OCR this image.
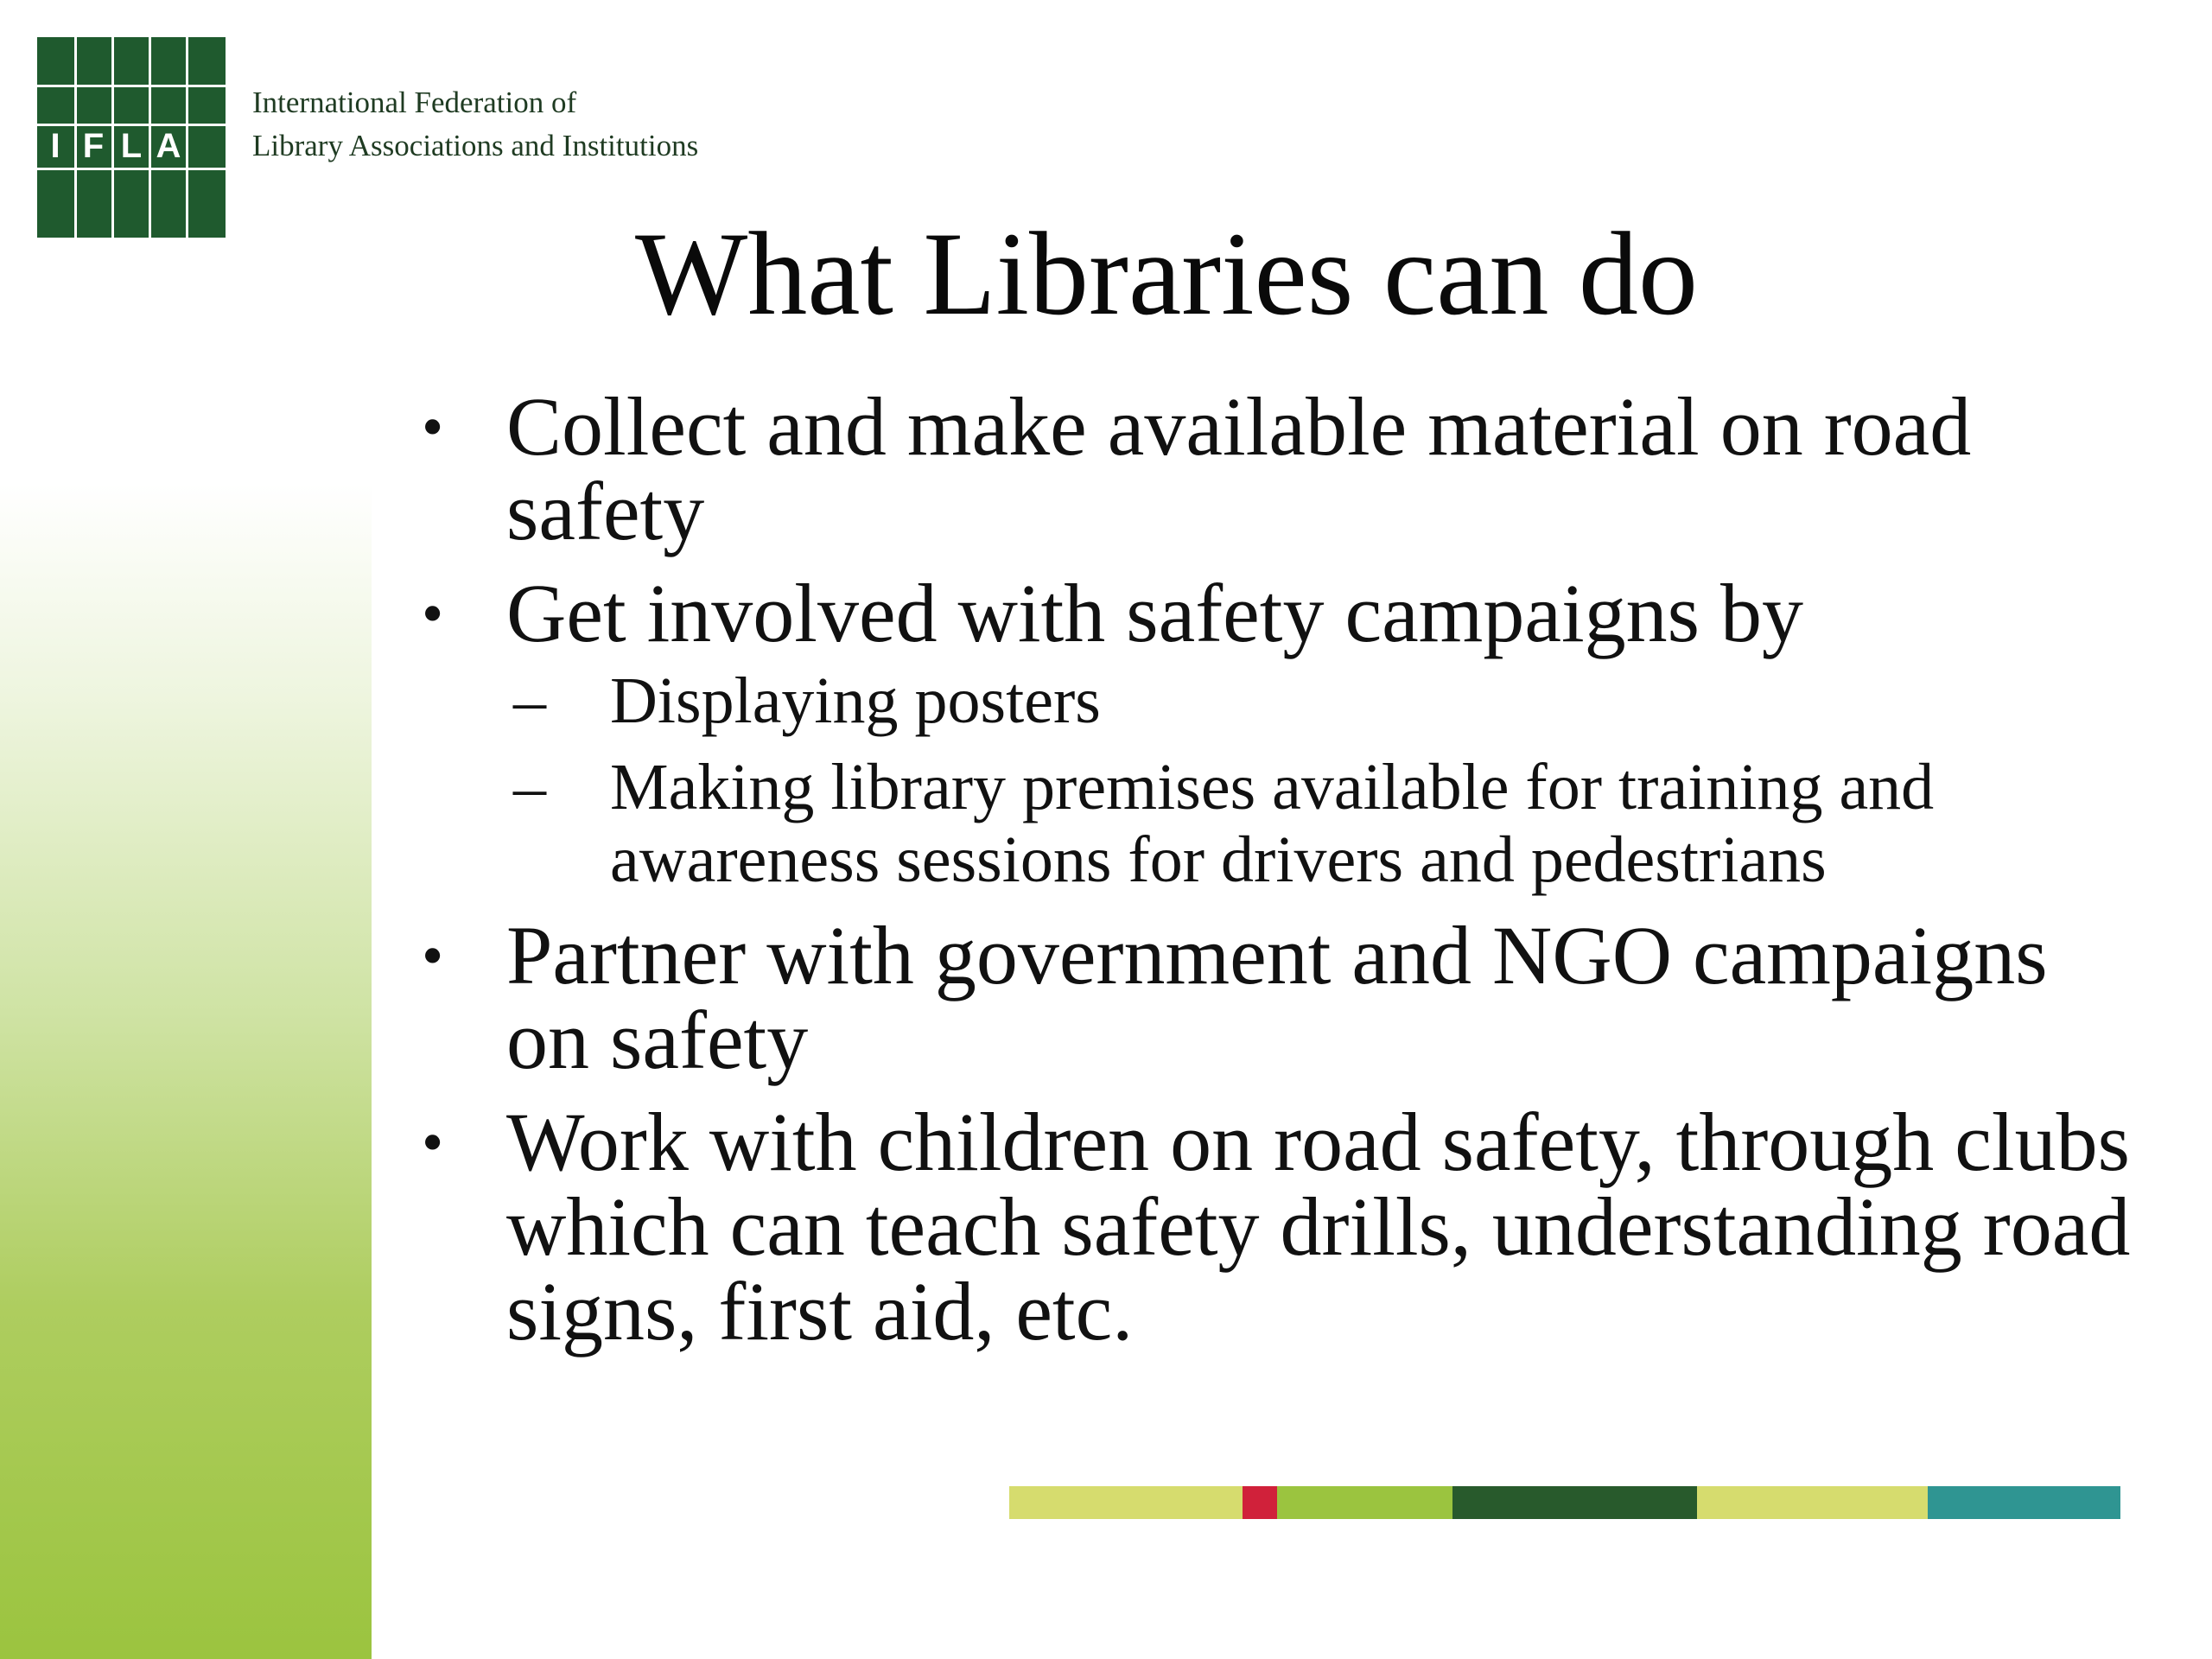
I F L A
International Federation of
Library Associations and Institutions
What Libraries can do
• Collect and make available material on road safety
• Get involved with safety campaigns by
– Displaying posters
– Making library premises available for training and awareness sessions for drivers and pedestrians
• Partner with government and NGO campaigns on safety
• Work with children on road safety, through clubs which can teach safety drills, understanding road signs, first aid, etc.
